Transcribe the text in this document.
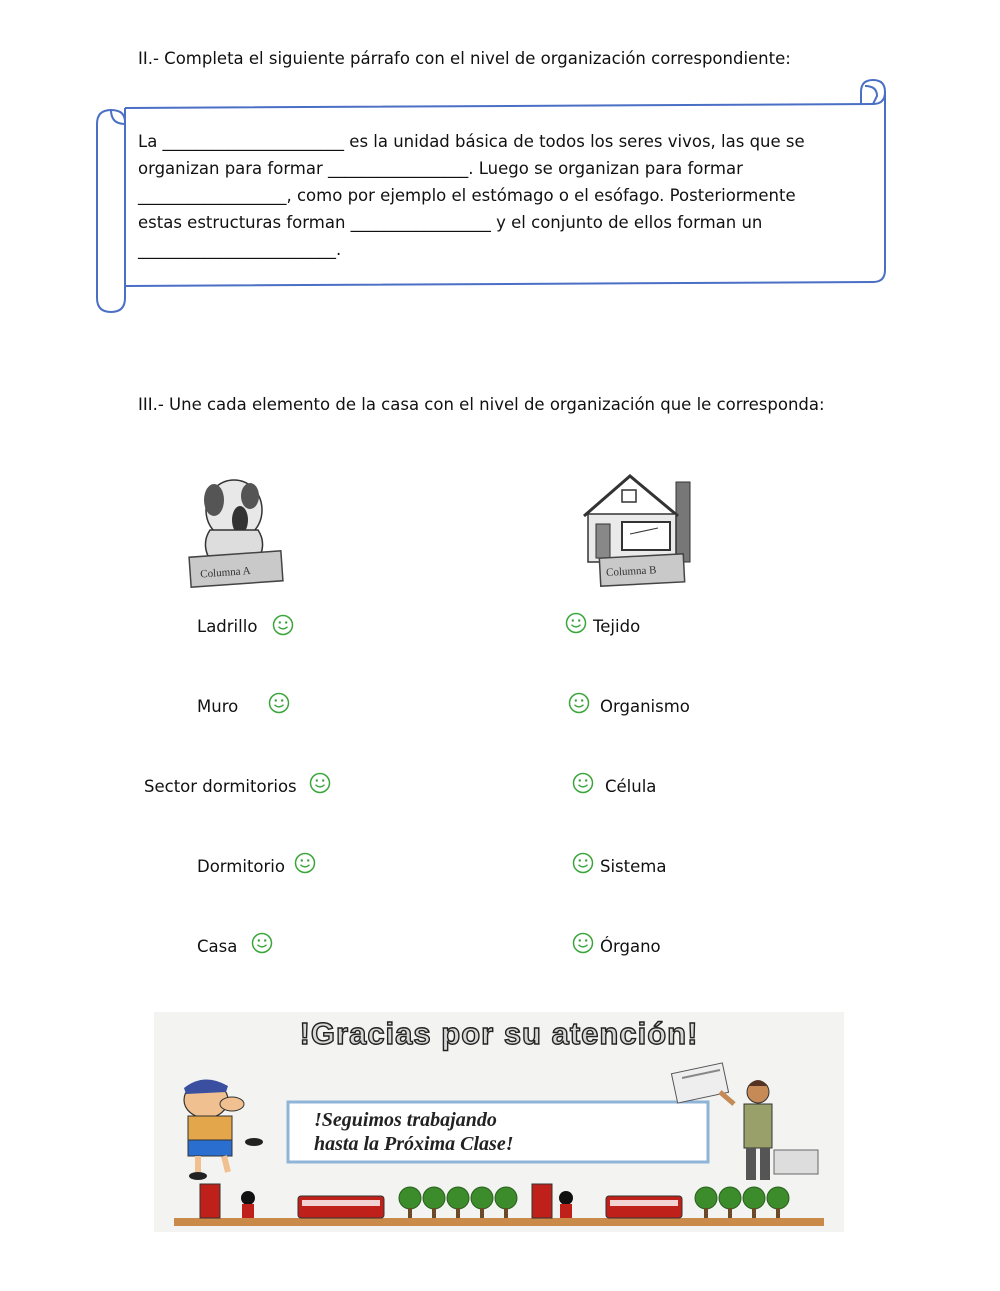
II.- Completa el siguiente párrafo con el nivel de organización correspondiente:

La ______________________ es la unidad básica de todos los seres vivos, las que se

organizan para formar _________________. Luego se organizan para formar

__________________, como por ejemplo el estómago o el esófago. Posteriormente

estas estructuras forman _________________ y el conjunto de ellos forman un

________________________.

III.- Une cada elemento de la casa con el nivel de organización que le corresponda:
Columna A	Columna B
Ladrillo
Muro
Sector dormitorios
Dormitorio
Casa
Tejido
Organismo
Célula
Sistema
Órgano
!Gracias por su atención!
!Seguimos trabajando
hasta la Próxima Clase!
